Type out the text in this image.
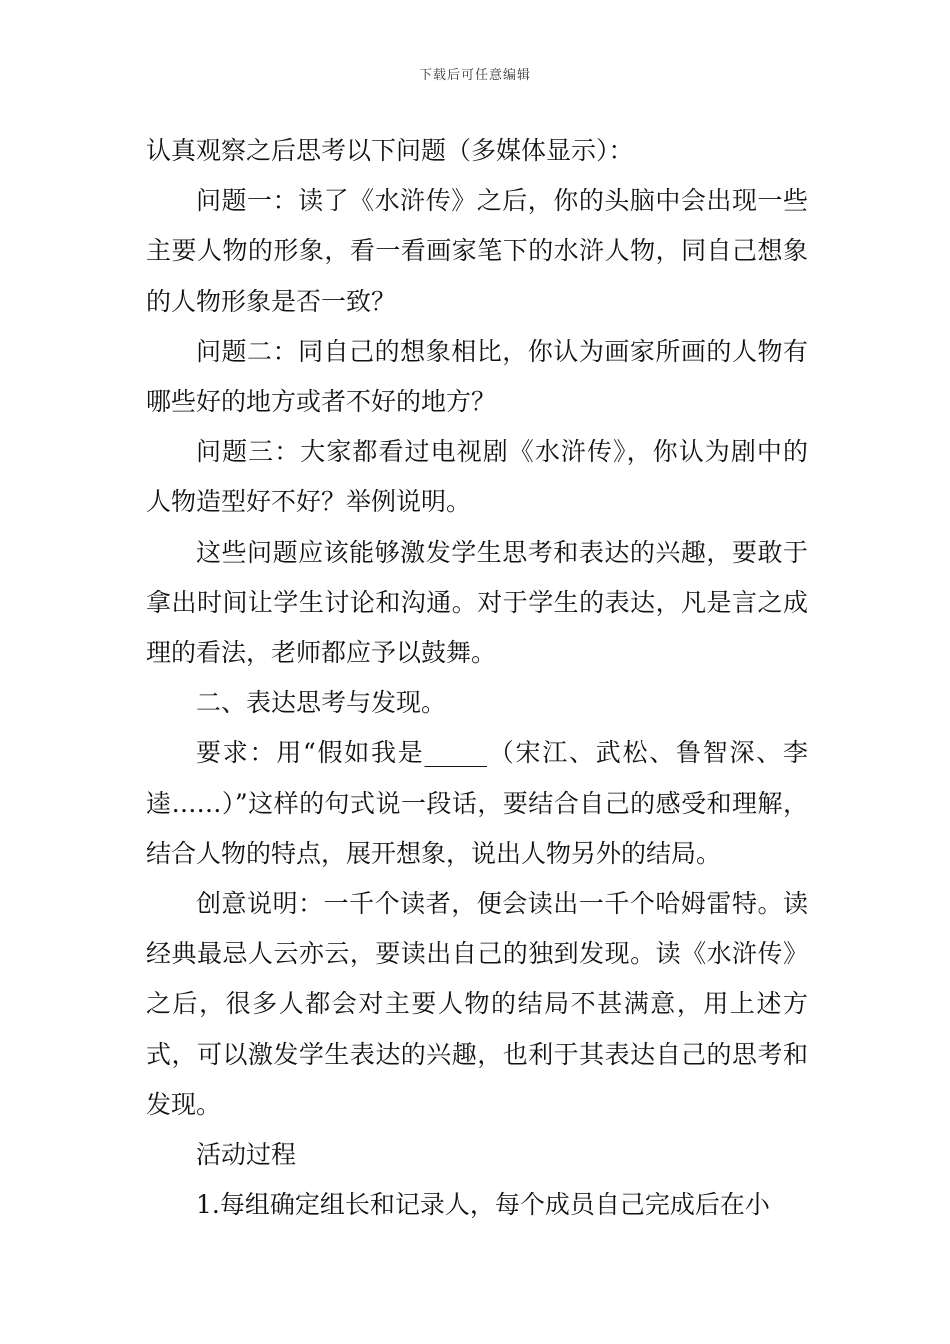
下载后可任意编辑

认真观察之后思考以下问题（多媒体显示）：

问题一：读了《水浒传》之后，你的头脑中会出现一些主要人物的形象，看一看画家笔下的水浒人物，同自己想象的人物形象是否一致？

问题二：同自己的想象相比，你认为画家所画的人物有哪些好的地方或者不好的地方？

问题三：大家都看过电视剧《水浒传》，你认为剧中的人物造型好不好？举例说明。

这些问题应该能够激发学生思考和表达的兴趣，要敢于拿出时间让学生讨论和沟通。对于学生的表达，凡是言之成理的看法，老师都应予以鼓舞。

二、表达思考与发现。

要求：用“假如我是_____（宋江、武松、鲁智深、李逵……）”这样的句式说一段话，要结合自己的感受和理解，结合人物的特点，展开想象，说出人物另外的结局。

创意说明：一千个读者，便会读出一千个哈姆雷特。读经典最忌人云亦云，要读出自己的独到发现。读《水浒传》之后，很多人都会对主要人物的结局不甚满意，用上述方式，可以激发学生表达的兴趣，也利于其表达自己的思考和发现。

活动过程

1.每组确定组长和记录人，每个成员自己完成后在小
